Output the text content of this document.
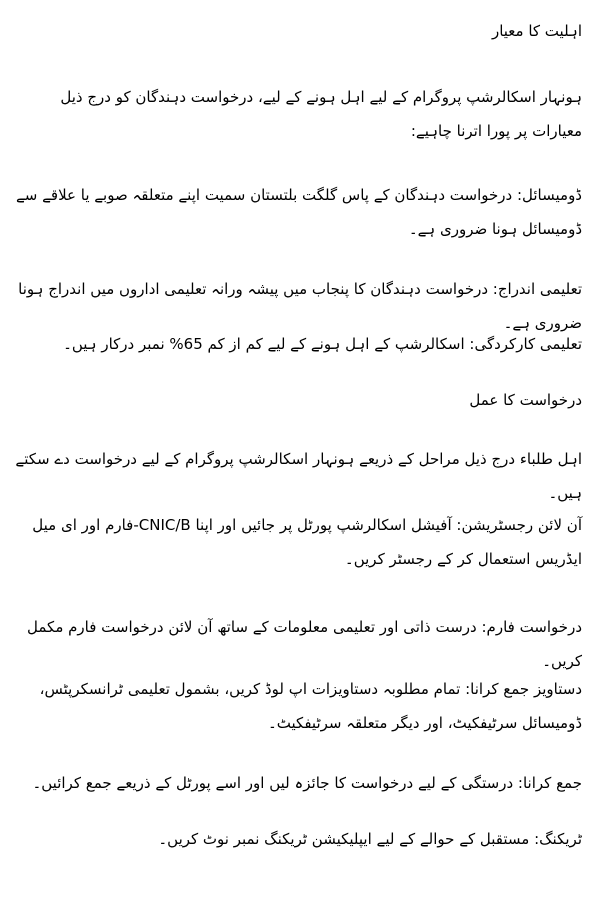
اہلیت کا معیار

ہونہار اسکالرشپ پروگرام کے لیے اہل ہونے کے لیے، درخواست دہندگان کو درج ذیل معیارات پر پورا اترنا چاہیے:

ڈومیسائل: درخواست دہندگان کے پاس گلگت بلتستان سمیت اپنے متعلقہ صوبے یا علاقے سے ڈومیسائل ہونا ضروری ہے۔

تعلیمی اندراج: درخواست دہندگان کا پنجاب میں پیشہ ورانہ تعلیمی اداروں میں اندراج ہونا ضروری ہے۔

تعلیمی کارکردگی: اسکالرشپ کے اہل ہونے کے لیے کم از کم 65% نمبر درکار ہیں۔

درخواست کا عمل

اہل طلباء درج ذیل مراحل کے ذریعے ہونہار اسکالرشپ پروگرام کے لیے درخواست دے سکتے ہیں۔

آن لائن رجسٹریشن: آفیشل اسکالرشپ پورٹل پر جائیں اور اپنا CNIC/B-فارم اور ای میل ایڈریس استعمال کر کے رجسٹر کریں۔

درخواست فارم: درست ذاتی اور تعلیمی معلومات کے ساتھ آن لائن درخواست فارم مکمل کریں۔

دستاویز جمع کرانا: تمام مطلوبہ دستاویزات اپ لوڈ کریں، بشمول تعلیمی ٹرانسکرپٹس، ڈومیسائل سرٹیفکیٹ، اور دیگر متعلقہ سرٹیفکیٹ۔

جمع کرانا: درستگی کے لیے درخواست کا جائزہ لیں اور اسے پورٹل کے ذریعے جمع کرائیں۔

ٹریکنگ: مستقبل کے حوالے کے لیے ایپلیکیشن ٹریکنگ نمبر نوٹ کریں۔
